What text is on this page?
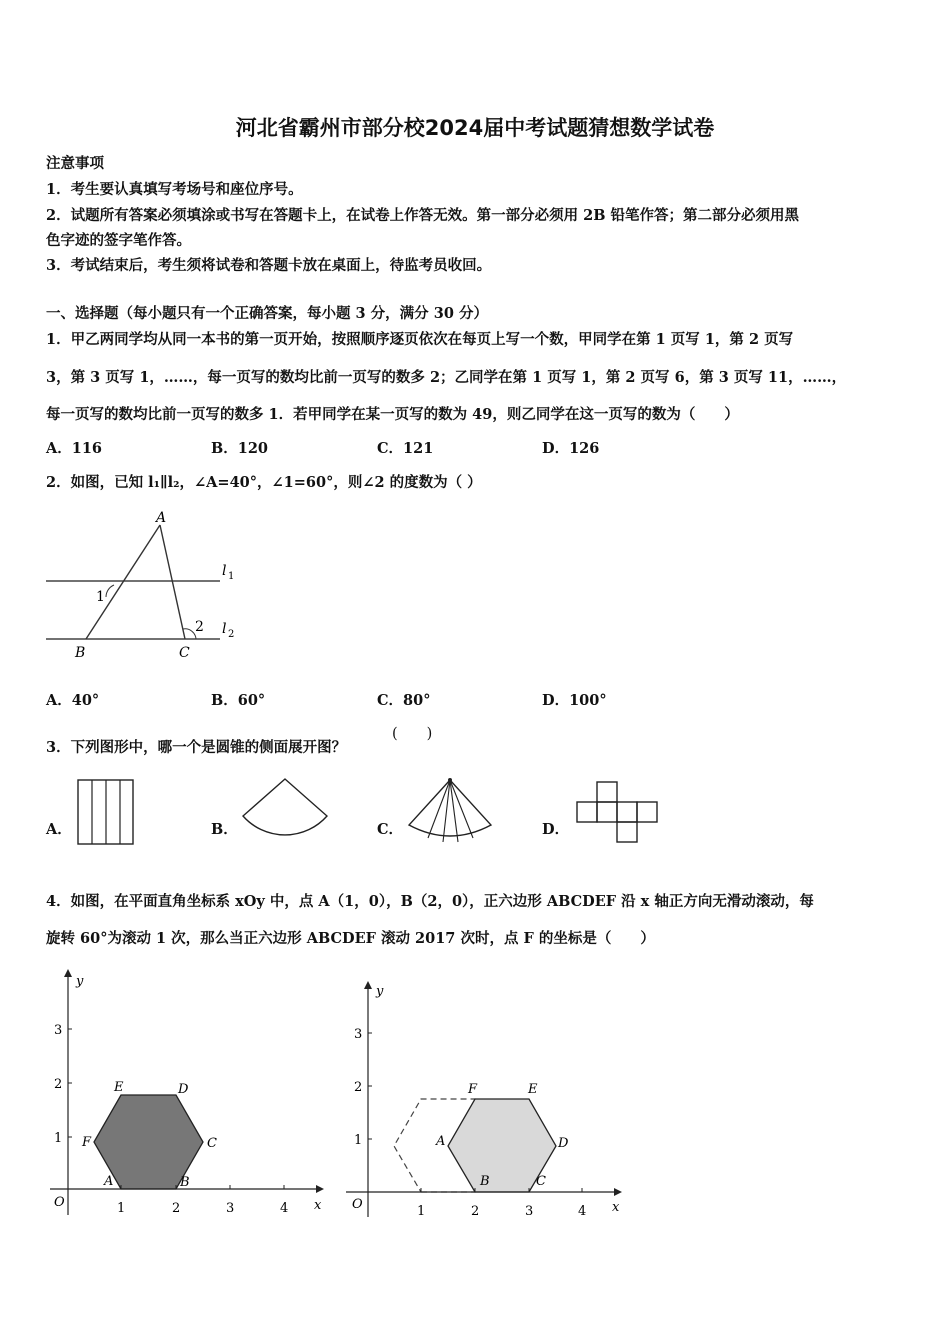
河北省霸州市部分校2024届中考试题猜想数学试卷
注意事项
1．考生要认真填写考场号和座位序号。
2．试题所有答案必须填涂或书写在答题卡上，在试卷上作答无效。第一部分必须用 2B 铅笔作答；第二部分必须用黑
色字迹的签字笔作答。
3．考试结束后，考生须将试卷和答题卡放在桌面上，待监考员收回。
一、选择题（每小题只有一个正确答案，每小题 3 分，满分 30 分）
1．甲乙两同学均从同一本书的第一页开始，按照顺序逐页依次在每页上写一个数，甲同学在第 1 页写 1，第 2 页写
3，第 3 页写 1，……，每一页写的数均比前一页写的数多 2；乙同学在第 1 页写 1，第 2 页写 6，第 3 页写 11，……，
每一页写的数均比前一页写的数多 1．若甲同学在某一页写的数为 49，则乙同学在这一页写的数为（　　）
A．116	B．120	C．121	D．126
2．如图，已知 l₁∥l₂，∠A=40°，∠1=60°，则∠2 的度数为（ ）
A
B	C
1
2
l 1
l 2
A．40°	B．60°	C．80°	D．100°
3．下列图形中，哪一个是圆锥的侧面展开图？
(　　)
A．	B．	C．	D．
4．如图，在平面直角坐标系 xOy 中，点 A（1，0），B（2，0），正六边形 ABCDEF 沿 x 轴正方向无滑动滚动，每
旋转 60°为滚动 1 次，那么当正六边形 ABCDEF 滚动 2017 次时，点 F 的坐标是（　　）
y
x
O	1	2	3	4
1
2
3
A	B
C
D
E
F
y
x
O	1	2	3	4
1
2
3
A
B	C
D
E
F
